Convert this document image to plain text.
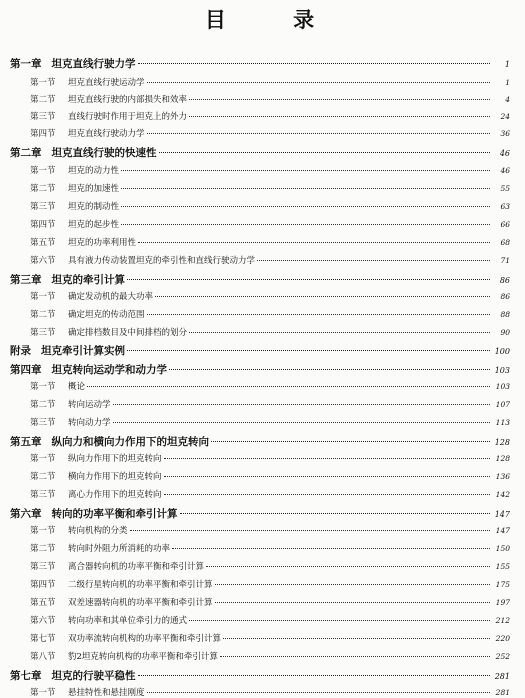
目 录
第一章 坦克直线行驶力学	1
第一节 坦克直线行驶运动学	1
第二节 坦克直线行驶的内部损失和效率	4
第三节 直线行驶时作用于坦克上的外力	24
第四节 坦克直线行驶动力学	36
第二章 坦克直线行驶的快速性	46
第一节 坦克的动力性	46
第二节 坦克的加速性	55
第三节 坦克的制动性	63
第四节 坦克的起步性	66
第五节 坦克的功率利用性	68
第六节 具有液力传动装置坦克的牵引性和直线行驶动力学	71
第三章 坦克的牵引计算	86
第一节 确定发动机的最大功率	86
第二节 确定坦克的传动范围	88
第三节 确定排档数目及中间排档的划分	90
附录 坦克牵引计算实例	100
第四章 坦克转向运动学和动力学	103
第一节 概论	103
第二节 转向运动学	107
第三节 转向动力学	113
第五章 纵向力和横向力作用下的坦克转向	128
第一节 纵向力作用下的坦克转向	128
第二节 横向力作用下的坦克转向	136
第三节 离心力作用下的坦克转向	142
第六章 转向的功率平衡和牵引计算	147
第一节 转向机构的分类	147
第二节 转向时外阻力所消耗的功率	150
第三节 离合器转向机的功率平衡和牵引计算	155
第四节 二级行星转向机的功率平衡和牵引计算	175
第五节 双差速器转向机的功率平衡和牵引计算	197
第六节 转向功率和其单位牵引力的通式	212
第七节 双功率流转向机构的功率平衡和牵引计算	220
第八节 豹2坦克转向机构的功率平衡和牵引计算	252
第七章 坦克的行驶平稳性	281
第一节 悬挂特性和悬挂刚度	281
